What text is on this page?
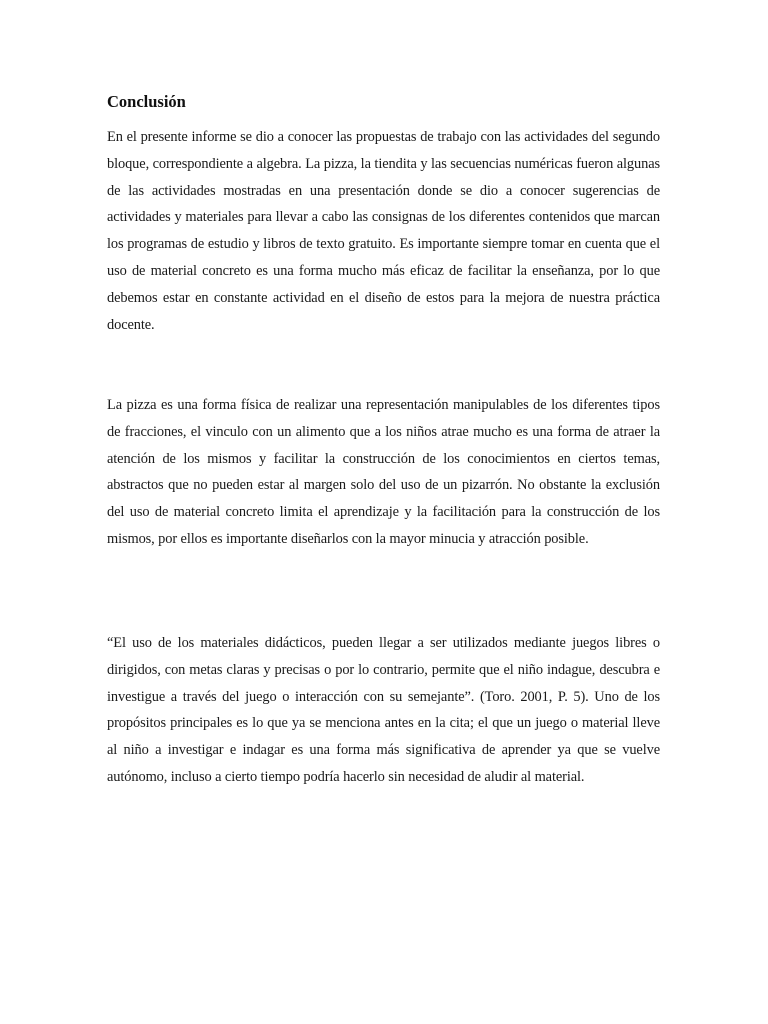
Conclusión

En el presente informe se dio a conocer las propuestas de trabajo con las actividades del segundo bloque, correspondiente a algebra. La pizza, la tiendita y las secuencias numéricas fueron algunas de las actividades mostradas en una presentación donde se dio a conocer sugerencias de actividades y materiales para llevar a cabo las consignas de los diferentes contenidos que marcan los programas de estudio y libros de texto gratuito. Es importante siempre tomar en cuenta que el uso de material concreto es una forma mucho más eficaz de facilitar la enseñanza, por lo que debemos estar en constante actividad en el diseño de estos para la mejora de nuestra práctica docente.

La pizza es una forma física de realizar una representación manipulables de los diferentes tipos de fracciones, el vinculo con un alimento que a los niños atrae mucho es una forma de atraer la atención de los mismos y facilitar la construcción de los conocimientos en ciertos temas, abstractos que no pueden estar al margen solo del uso de un pizarrón. No obstante la exclusión del uso de material concreto limita el aprendizaje y la facilitación para la construcción de los mismos, por ellos es importante diseñarlos con la mayor minucia y atracción posible.

“El uso de los materiales didácticos, pueden llegar a ser utilizados mediante juegos libres o dirigidos, con metas claras y precisas o por lo contrario, permite que el niño indague, descubra e investigue a través del juego o interacción con su semejante”. (Toro. 2001, P. 5). Uno de los propósitos principales es lo que ya se menciona antes en la cita; el que un juego o material lleve al niño a investigar e indagar es una forma más significativa de aprender ya que se vuelve autónomo, incluso a cierto tiempo podría hacerlo sin necesidad de aludir al material.
